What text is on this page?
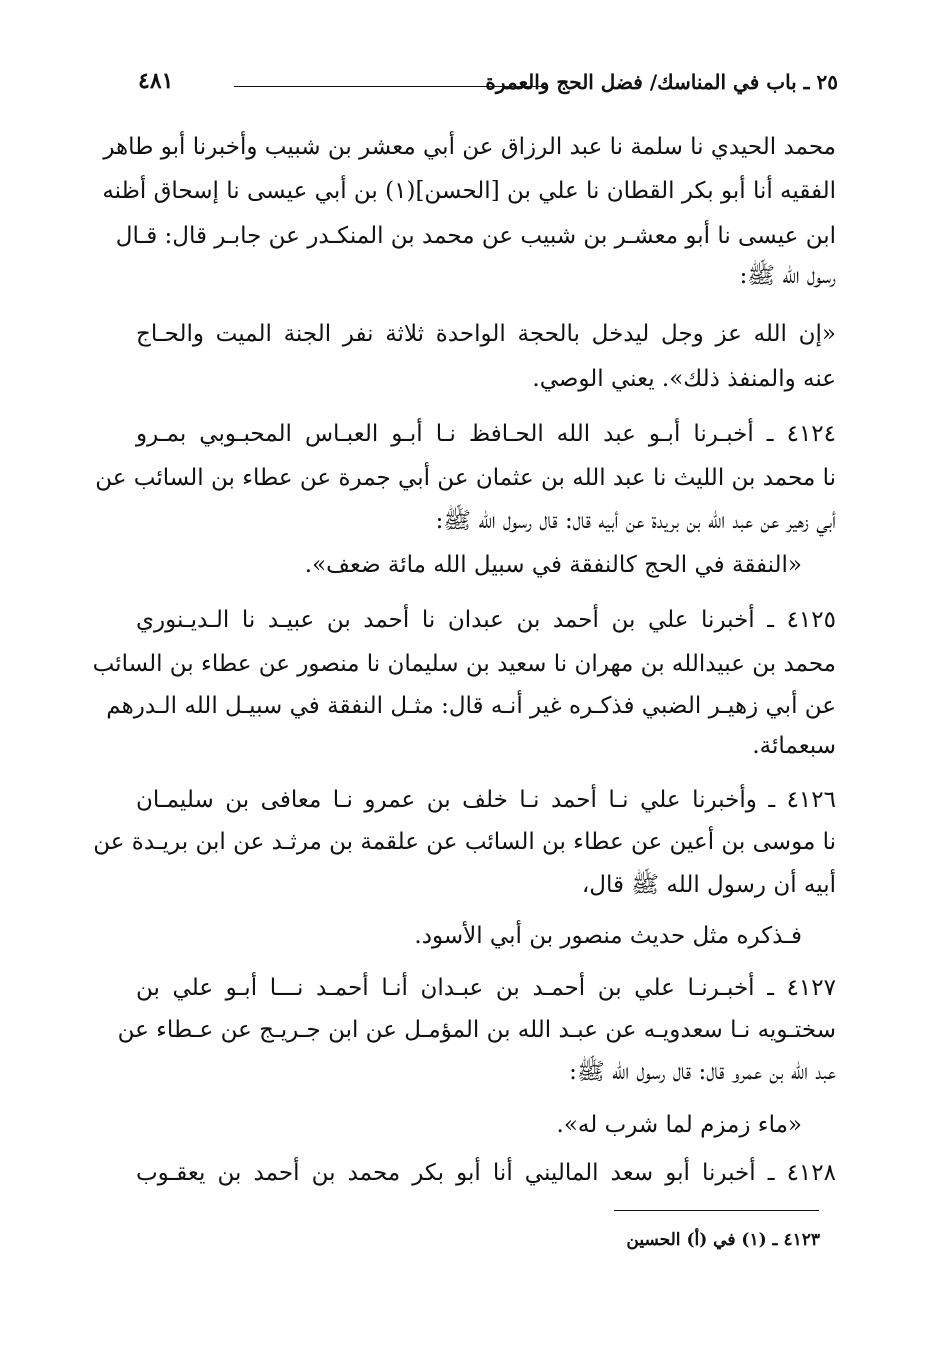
٢٥ ـ باب في المناسك/ فضل الحج والعمرة
٤٨١
محمد الحيدي نا سلمة نا عبد الرزاق عن أبي معشر بن شبيب وأخبرنا أبو طاهر
الفقيه أنا أبو بكر القطان نا علي بن [الحسن](١) بن أبي عيسى نا إسحاق أظنه
ابن عيسى نا أبو معشـر بن شبيب عن محمد بن المنكـدر عن جابـر قال: قـال
رسول الله ﷺ:
«إن الله عز وجل ليدخل بالحجة الواحدة ثلاثة نفر الجنة الميت والحـاج
عنه والمنفذ ذلك». يعني الوصي.
٤١٢٤ ـ أخبـرنا أبـو عبد الله الحـافظ نـا أبـو العبـاس المحبـوبي بمـرو
نا محمد بن الليث نا عبد الله بن عثمان عن أبي جمرة عن عطاء بن السائب عن
أبي زهير عن عبد الله بن بريدة عن أبيه قال: قال رسول الله ﷺ:
«النفقة في الحج كالنفقة في سبيل الله مائة ضعف».
٤١٢٥ ـ أخبرنا علي بن أحمد بن عبدان نا أحمد بن عبيـد نا الـديـنوري
محمد بن عبيدالله بن مهران نا سعيد بن سليمان نا منصور عن عطاء بن السائب
عن أبي زهيـر الضبي فذكـره غير أنـه قال: مثـل النفقة في سبيـل الله الـدرهم
سبعمائة.
٤١٢٦ ـ وأخبرنا علي نـا أحمد نـا خلف بن عمرو نـا معافى بن سليمـان
نا موسى بن أعين عن عطاء بن السائب عن علقمة بن مرثـد عن ابن بريـدة عن
أبيه أن رسول الله ﷺ قال،
فـذكره مثل حديث منصور بن أبي الأسود.
٤١٢٧ ـ أخبـرنـا علي بن أحمـد بن عبـدان أنـا أحمـد نـــا أبـو علي بن
سختـويه نـا سعدويـه عن عبـد الله بن المؤمـل عن ابن جـريـج عن عـطاء عن
عبد الله بن عمرو قال: قال رسول الله ﷺ:
«ماء زمزم لما شرب له».
٤١٢٨ ـ أخبرنا أبو سعد الماليني أنا أبو بكر محمد بن أحمد بن يعقـوب
٤١٢٣ ـ (١) في (أ) الحسين
